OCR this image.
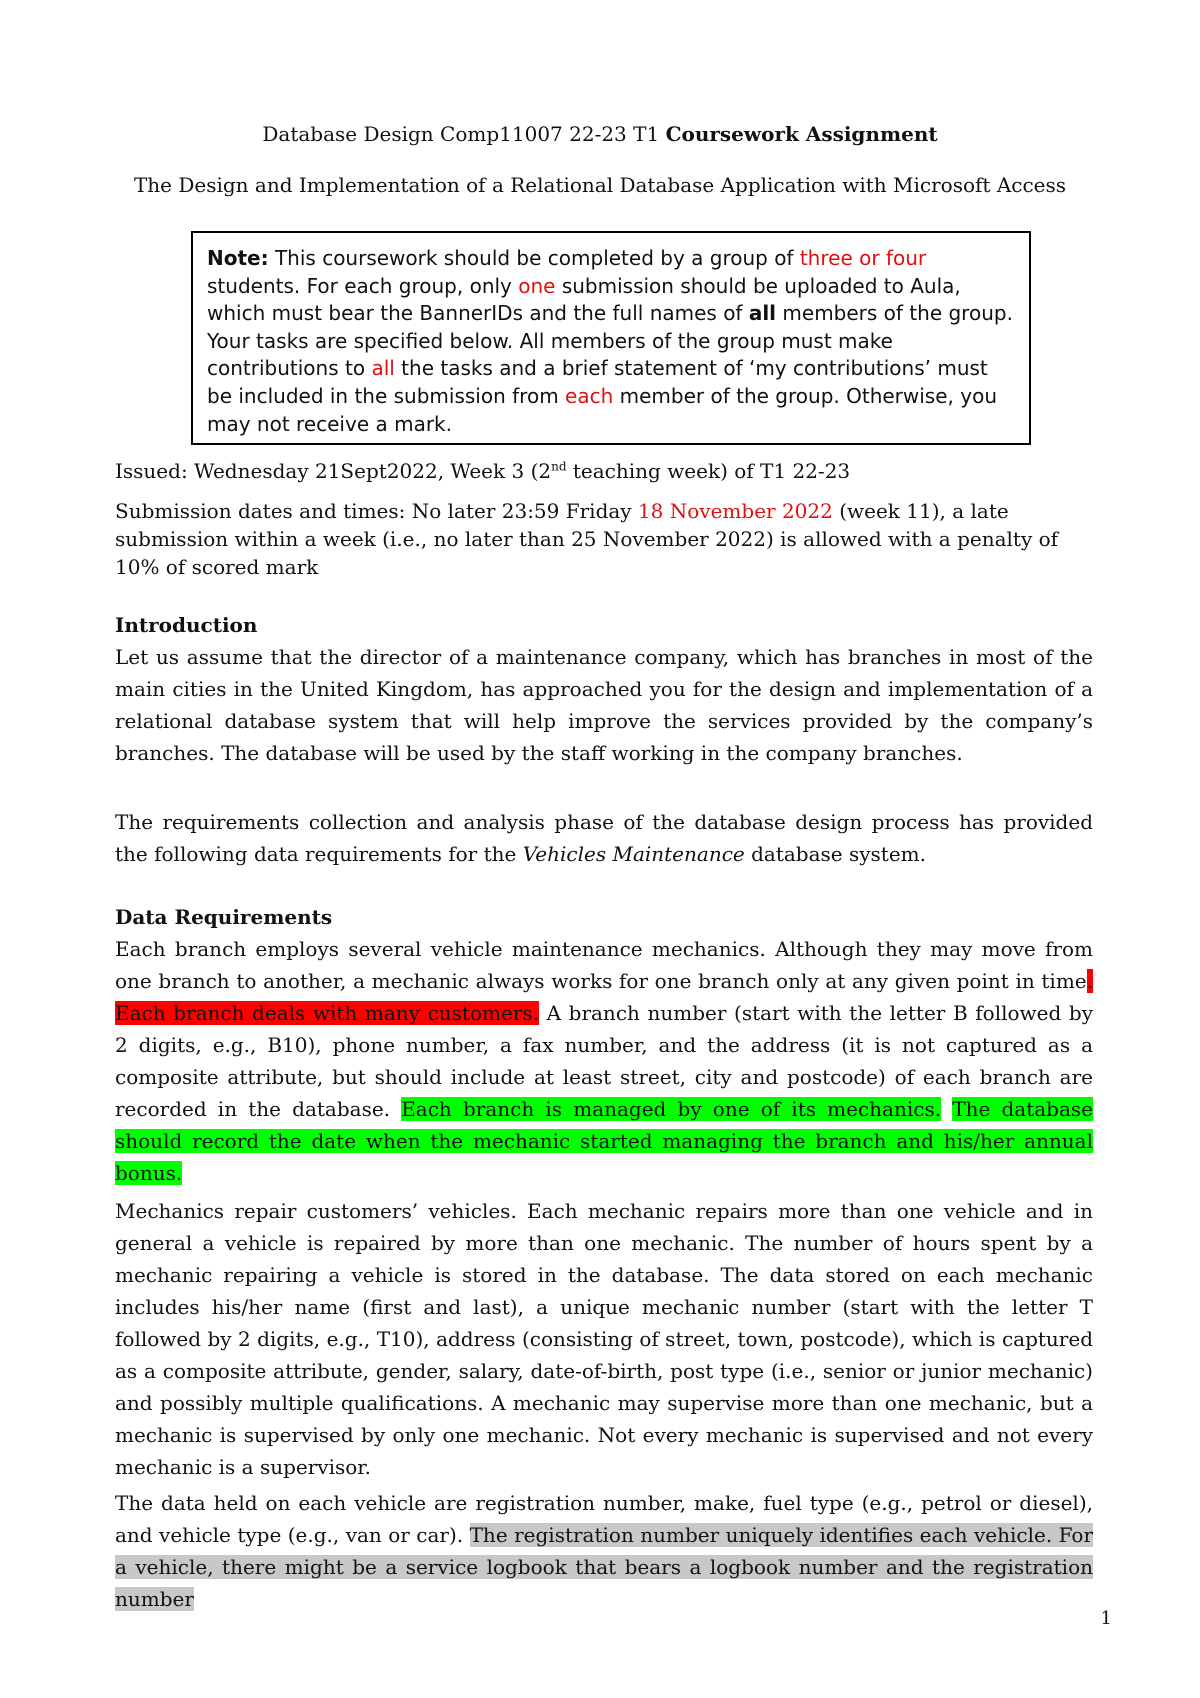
Database Design Comp11007 22-23 T1 Coursework Assignment
The Design and Implementation of a Relational Database Application with Microsoft Access

Note: This coursework should be completed by a group of three or four students. For each group, only one submission should be uploaded to Aula, which must bear the BannerIDs and the full names of all members of the group. Your tasks are specified below. All members of the group must make contributions to all the tasks and a brief statement of ‘my contributions’ must be included in the submission from each member of the group. Otherwise, you may not receive a mark.

Issued: Wednesday 21Sept2022, Week 3 (2nd teaching week) of T1 22-23
Submission dates and times: No later 23:59 Friday 18 November 2022 (week 11), a late submission within a week (i.e., no later than 25 November 2022) is allowed with a penalty of 10% of scored mark
Introduction
Let us assume that the director of a maintenance company, which has branches in most of the main cities in the United Kingdom, has approached you for the design and implementation of a relational database system that will help improve the services provided by the company’s branches. The database will be used by the staff working in the company branches.
The requirements collection and analysis phase of the database design process has provided the following data requirements for the Vehicles Maintenance database system.
Data Requirements
Each branch employs several vehicle maintenance mechanics. Although they may move from one branch to another, a mechanic always works for one branch only at any given point in time. Each branch deals with many customers. A branch number (start with the letter B followed by 2 digits, e.g., B10), phone number, a fax number, and the address (it is not captured as a composite attribute, but should include at least street, city and postcode) of each branch are recorded in the database. Each branch is managed by one of its mechanics. The database should record the date when the mechanic started managing the branch and his/her annual bonus.
Mechanics repair customers’ vehicles. Each mechanic repairs more than one vehicle and in general a vehicle is repaired by more than one mechanic. The number of hours spent by a mechanic repairing a vehicle is stored in the database. The data stored on each mechanic includes his/her name (first and last), a unique mechanic number (start with the letter T followed by 2 digits, e.g., T10), address (consisting of street, town, postcode), which is captured as a composite attribute, gender, salary, date-of-birth, post type (i.e., senior or junior mechanic) and possibly multiple qualifications. A mechanic may supervise more than one mechanic, but a mechanic is supervised by only one mechanic. Not every mechanic is supervised and not every mechanic is a supervisor.
The data held on each vehicle are registration number, make, fuel type (e.g., petrol or diesel), and vehicle type (e.g., van or car). The registration number uniquely identifies each vehicle. For a vehicle, there might be a service logbook that bears a logbook number and the registration number
1
